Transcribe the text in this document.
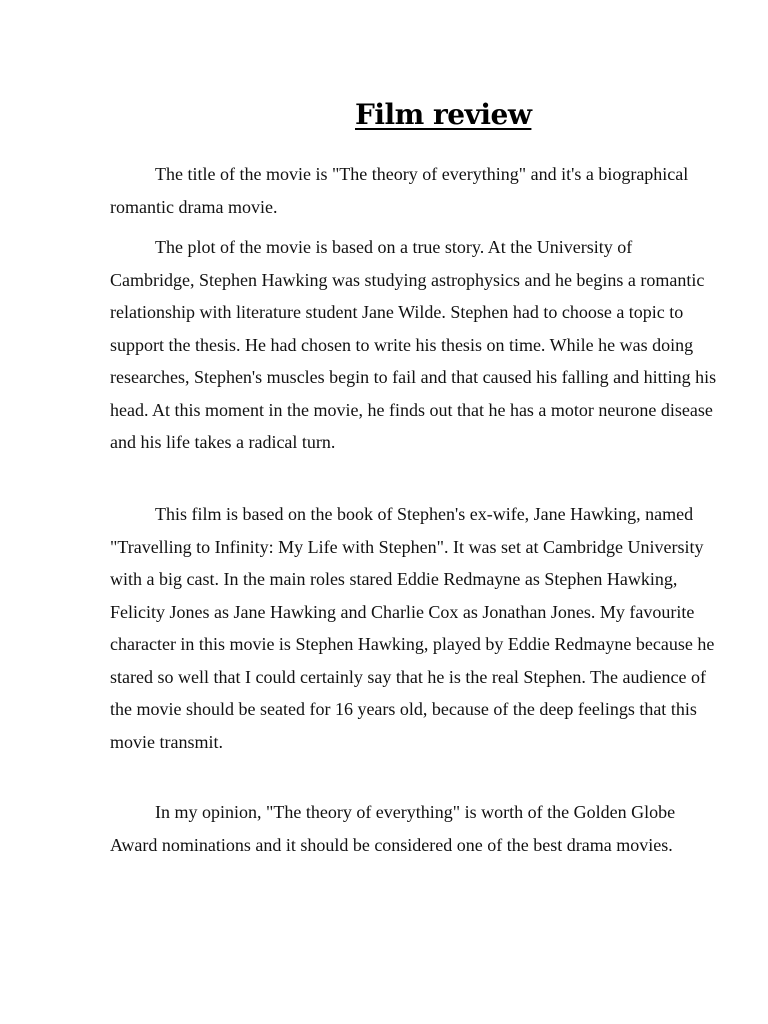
Film review

The title of the movie is "The theory of everything" and it's a biographical romantic drama movie.

The plot of the movie is based on a true story. At the University of Cambridge, Stephen Hawking was studying astrophysics and he begins a romantic relationship with literature student Jane Wilde. Stephen had to choose a topic to support the thesis. He had chosen to write his thesis on time. While he was doing researches, Stephen's muscles begin to fail and that caused his falling and hitting his head. At this moment in the movie, he finds out that he has a motor neurone disease and his life takes a radical turn.

This film is based on the book of Stephen's ex-wife, Jane Hawking, named "Travelling to Infinity: My Life with Stephen". It was set at Cambridge University with a big cast. In the main roles stared Eddie Redmayne as Stephen Hawking, Felicity Jones as Jane Hawking and Charlie Cox as Jonathan Jones. My favourite character in this movie is Stephen Hawking, played by Eddie Redmayne because he stared so well that I could certainly say that he is the real Stephen. The audience of the movie should be seated for 16 years old, because of the deep feelings that this movie transmit.

In my opinion, "The theory of everything" is worth of the Golden Globe Award nominations and it should be considered one of the best drama movies.
